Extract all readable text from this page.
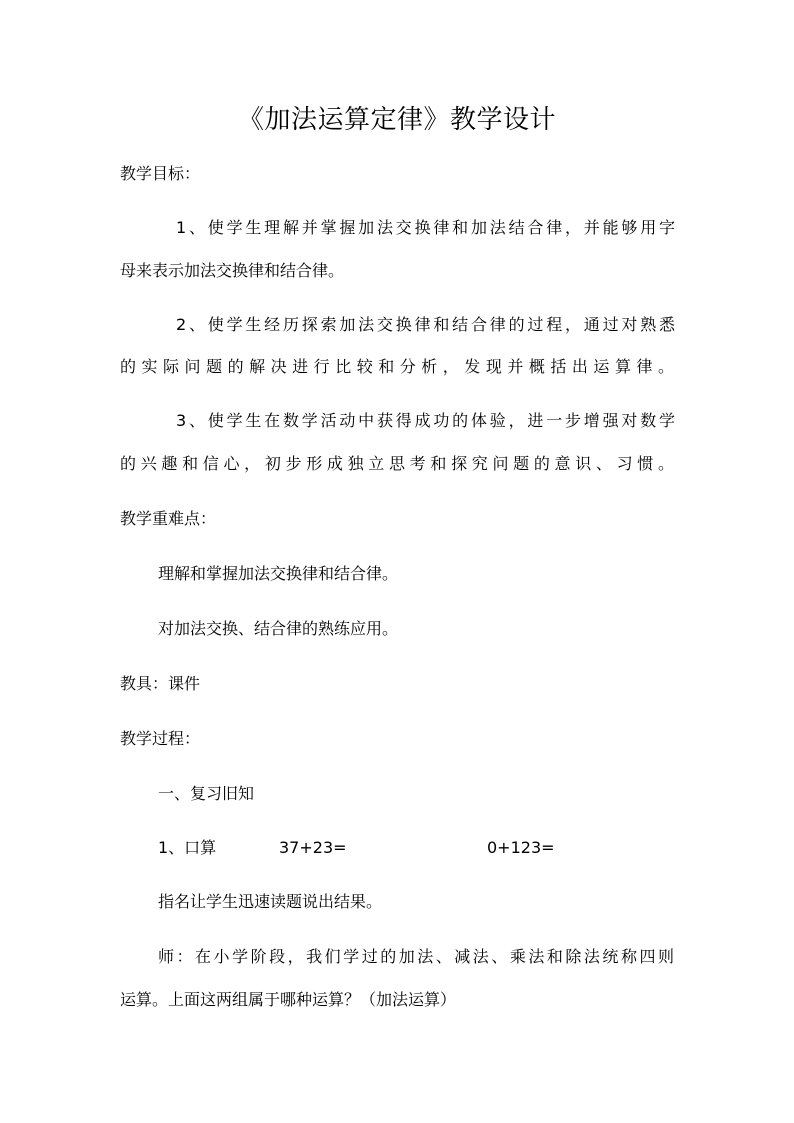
《加法运算定律》教学设计
教学目标：
1、使学生理解并掌握加法交换律和加法结合律，并能够用字
母来表示加法交换律和结合律。
2、使学生经历探索加法交换律和结合律的过程，通过对熟悉
的实际问题的解决进行比较和分析，发现并概括出运算律。
3、使学生在数学活动中获得成功的体验，进一步增强对数学
的兴趣和信心，初步形成独立思考和探究问题的意识、习惯。
教学重难点：
理解和掌握加法交换律和结合律。
对加法交换、结合律的熟练应用。
教具：课件
教学过程：
一、复习旧知
1、口算	37+23=	0+123=
指名让学生迅速读题说出结果。
师：在小学阶段，我们学过的加法、减法、乘法和除法统称四则
运算。上面这两组属于哪种运算？（加法运算）
